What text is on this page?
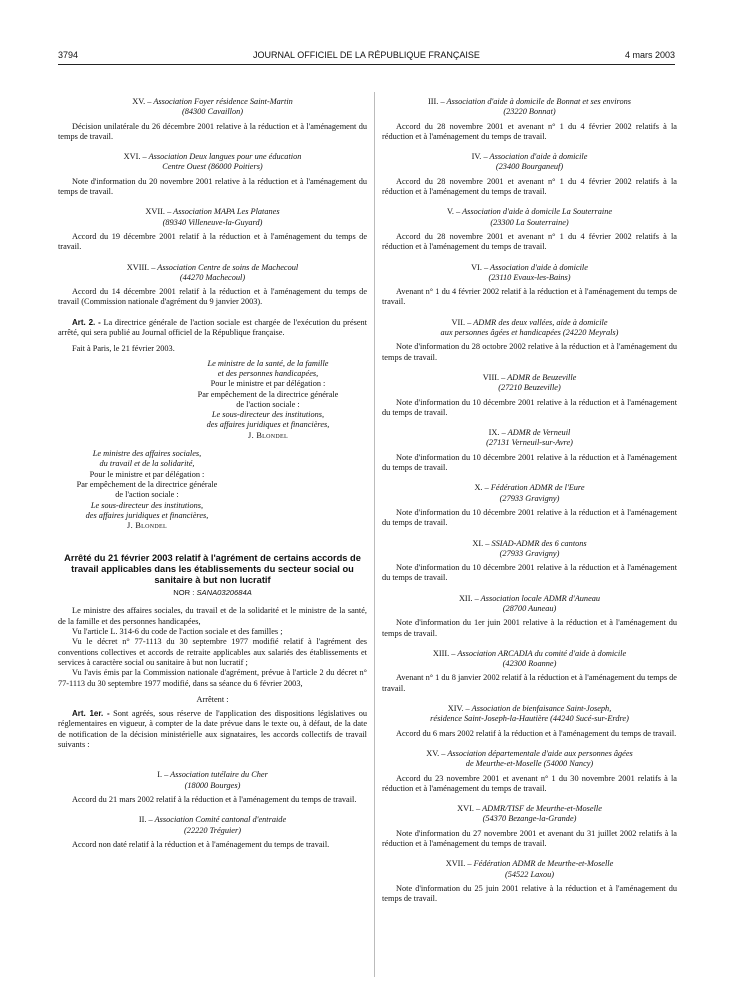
3794	JOURNAL OFFICIEL DE LA RÉPUBLIQUE FRANÇAISE	4 mars 2003

XV. – Association Foyer résidence Saint-Martin

(84300 Cavaillon)

Décision unilatérale du 26 décembre 2001 relative à la réduction et à l'aménagement du temps de travail.

XVI. – Association Deux langues pour une éducation

Centre Ouest (86000 Poitiers)

Note d'information du 20 novembre 2001 relative à la réduction et à l'aménagement du temps de travail.

XVII. – Association MAPA Les Platanes

(89340 Villeneuve-la-Guyard)

Accord du 19 décembre 2001 relatif à la réduction et à l'aménagement du temps de travail.

XVIII. – Association Centre de soins de Machecoul

(44270 Machecoul)

Accord du 14 décembre 2001 relatif à la réduction et à l'aménagement du temps de travail (Commission nationale d'agrément du 9 janvier 2003).

Art. 2. - La directrice générale de l'action sociale est chargée de l'exécution du présent arrêté, qui sera publié au Journal officiel de la République française.

Fait à Paris, le 21 février 2003.

Le ministre de la santé, de la famille

et des personnes handicapées,

Pour le ministre et par délégation :

Par empêchement de la directrice générale

de l'action sociale :

Le sous-directeur des institutions,

des affaires juridiques et financières,

J. Blondel

Le ministre des affaires sociales,

du travail et de la solidarité,

Pour le ministre et par délégation :

Par empêchement de la directrice générale

de l'action sociale :

Le sous-directeur des institutions,

des affaires juridiques et financières,

J. Blondel

Arrêté du 21 février 2003 relatif à l'agrément de certains accords de travail applicables dans les établissements du secteur social ou sanitaire à but non lucratif
NOR : SANA0320684A

Le ministre des affaires sociales, du travail et de la solidarité et le ministre de la santé, de la famille et des personnes handicapées,

Vu l'article L. 314-6 du code de l'action sociale et des familles ;

Vu le décret n° 77-1113 du 30 septembre 1977 modifié relatif à l'agrément des conventions collectives et accords de retraite applicables aux salariés des établissements et services à caractère social ou sanitaire à but non lucratif ;

Vu l'avis émis par la Commission nationale d'agrément, prévue à l'article 2 du décret n° 77-1113 du 30 septembre 1977 modifié, dans sa séance du 6 février 2003,

Arrêtent :

Art. 1er. - Sont agréés, sous réserve de l'application des dispositions législatives ou réglementaires en vigueur, à compter de la date prévue dans le texte ou, à défaut, de la date de notification de la décision ministérielle aux signataires, les accords collectifs de travail suivants :

I. – Association tutélaire du Cher

(18000 Bourges)

Accord du 21 mars 2002 relatif à la réduction et à l'aménagement du temps de travail.

II. – Association Comité cantonal d'entraide

(22220 Tréguier)

Accord non daté relatif à la réduction et à l'aménagement du temps de travail.

III. – Association d'aide à domicile de Bonnat et ses environs

(23220 Bonnat)

Accord du 28 novembre 2001 et avenant n° 1 du 4 février 2002 relatifs à la réduction et à l'aménagement du temps de travail.

IV. – Association d'aide à domicile

(23400 Bourganeuf)

Accord du 28 novembre 2001 et avenant n° 1 du 4 février 2002 relatifs à la réduction et à l'aménagement du temps de travail.

V. – Association d'aide à domicile La Souterraine

(23300 La Souterraine)

Accord du 28 novembre 2001 et avenant n° 1 du 4 février 2002 relatifs à la réduction et à l'aménagement du temps de travail.

VI. – Association d'aide à domicile

(23110 Evaux-les-Bains)

Avenant n° 1 du 4 février 2002 relatif à la réduction et à l'aménagement du temps de travail.

VII. – ADMR des deux vallées, aide à domicile

aux personnes âgées et handicapées (24220 Meyrals)

Note d'information du 28 octobre 2002 relative à la réduction et à l'aménagement du temps de travail.

VIII. – ADMR de Beuzeville

(27210 Beuzeville)

Note d'information du 10 décembre 2001 relative à la réduction et à l'aménagement du temps de travail.

IX. – ADMR de Verneuil

(27131 Verneuil-sur-Avre)

Note d'information du 10 décembre 2001 relative à la réduction et à l'aménagement du temps de travail.

X. – Fédération ADMR de l'Eure

(27933 Gravigny)

Note d'information du 10 décembre 2001 relative à la réduction et à l'aménagement du temps de travail.

XI. – SSIAD-ADMR des 6 cantons

(27933 Gravigny)

Note d'information du 10 décembre 2001 relative à la réduction et à l'aménagement du temps de travail.

XII. – Association locale ADMR d'Auneau

(28700 Auneau)

Note d'information du 1er juin 2001 relative à la réduction et à l'aménagement du temps de travail.

XIII. – Association ARCADIA du comité d'aide à domicile

(42300 Roanne)

Avenant n° 1 du 8 janvier 2002 relatif à la réduction et à l'aménagement du temps de travail.

XIV. – Association de bienfaisance Saint-Joseph,

résidence Saint-Joseph-la-Hautière (44240 Sucé-sur-Erdre)

Accord du 6 mars 2002 relatif à la réduction et à l'aménagement du temps de travail.

XV. – Association départementale d'aide aux personnes âgées

de Meurthe-et-Moselle (54000 Nancy)

Accord du 23 novembre 2001 et avenant n° 1 du 30 novembre 2001 relatifs à la réduction et à l'aménagement du temps de travail.

XVI. – ADMR/TISF de Meurthe-et-Moselle

(54370 Bezange-la-Grande)

Note d'information du 27 novembre 2001 et avenant du 31 juillet 2002 relatifs à la réduction et à l'aménagement du temps de travail.

XVII. – Fédération ADMR de Meurthe-et-Moselle

(54522 Laxou)

Note d'information du 25 juin 2001 relative à la réduction et à l'aménagement du temps de travail.
